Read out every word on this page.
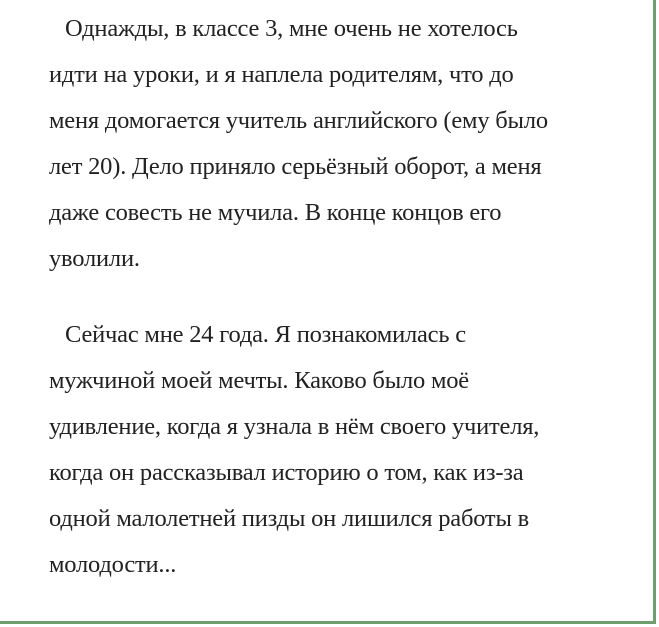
Однажды, в классе 3, мне очень не хотелось
идти на уроки, и я наплела родителям, что до
меня домогается учитель английского (ему было
лет 20). Дело приняло серьёзный оборот, а меня
даже совесть не мучила. В конце концов его
уволили.
Сейчас мне 24 года. Я познакомилась с
мужчиной моей мечты. Каково было моё
удивление, когда я узнала в нём своего учителя,
когда он рассказывал историю о том, как из-за
одной малолетней пизды он лишился работы в
молодости...
